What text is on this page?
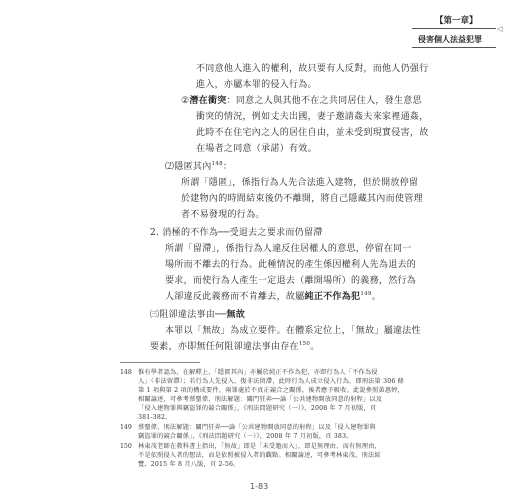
【第一章】
◁
侵害個人法益犯罪
不同意他人進入的權利，故只要有人反對，而他人仍强行
進入，亦屬本罪的侵入行為。
②潛在衝突：同意之人與其他不在之共同居住人，發生意思
衝突的情況，例如丈夫出國，妻子邀請姦夫來家裡通姦，
此時不在住宅內之人的居住自由，並未受到現實侵害，故
在場者之同意（承諾）有效。
⑵隱匿其內$^{148}$：
所謂「隱匿」，係指行為人先合法進入建物，但於開放停留
於建物內的時間結束後仍不離開，將自己隱藏其內而使管理
者不易發現的行為。
2. 消極的不作為──受退去之要求而仍留滯
所謂「留滯」，係指行為人違反住居權人的意思，停留在同一
場所而不離去的行為。此種情況的產生係因權利人先為退去的
要求，而使行為人產生一定退去（離開場所）的義務，然行為
人卻違反此義務而不肯離去，故屬純正不作為犯$^{149}$。
㈢阻卻違法事由──無故
本罪以「無故」為成立要件。在體系定位上，「無故」屬違法性
要素，亦即無任何阻卻違法事由存在$^{150}$。
148 惟有學者認為，在解釋上，「隱匿其內」亦屬於純正不作為犯，亦即行為人「不作為侵
入」（非法留滯）；若行為人先侵入，復非法留滯，此時行為人成立侵入行為，即刑法第 306 條
第 1 項與第 2 項的構成要件，兩罪處於不真正競合之關係，後者應予吸收。此說參照黃惠婷，
相關論述，可參考蔡聖偉，刑法解題：關門狂奔──論「公共建物開放同意的射程」以及
「侵入建物罪與竊盜罪的競合關係」，《刑法問題研究（一）》，2008 年 7 月初版，頁
381-382。
149 蔡聖偉，刑法解題：關門狂奔──論「公共建物開放同意的射程」以及「侵入建物罪與
竊盜罪的競合關係」，《刑法問題研究（一）》，2008 年 7 月初版，頁 383。
150 林東茂老師在教科書上指出，「無故」即是「未受邀而入」，即是無理由、而有無理由，
不是依照侵入者的想法，而是依照被侵入者的觀點。相關論述，可參考林東茂，刑法綜
覽，2015 年 8 月八版，頁 2-56。
1-83
